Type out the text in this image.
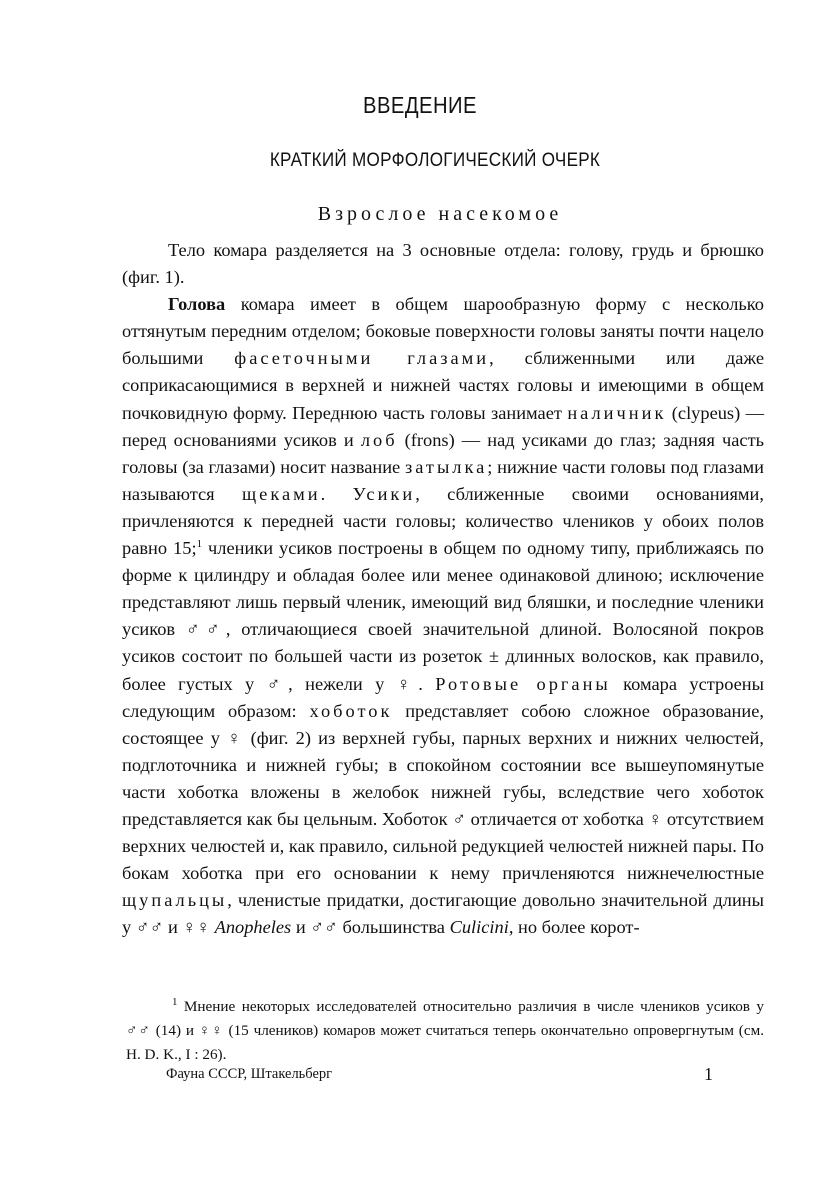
ВВЕДЕНИЕ
КРАТКИЙ МОРФОЛОГИЧЕСКИЙ ОЧЕРК
Взрослое насекомое

Тело комара разделяется на 3 основные отдела: голову, грудь и брюшко (фиг. 1).

Голова комара имеет в общем шарообразную форму с несколько оттянутым передним отделом; боковые поверхности головы заняты почти нацело большими фасеточными глазами, сближенными или даже соприкасающимися в верхней и нижней частях головы и имеющими в общем почковидную форму. Переднюю часть головы занимает наличник (clypeus) — перед основаниями усиков и лоб (frons) — над усиками до глаз; задняя часть головы (за глазами) носит название затылка; нижние части головы под глазами называются щеками. Усики, сближенные своими основаниями, причленяются к передней части головы; количество члеников у обоих полов равно 15;$^1$ членики усиков построены в общем по одному типу, приближаясь по форме к цилиндру и обладая более или менее одинаковой длиною; исключение представляют лишь первый членик, имеющий вид бляшки, и последние членики усиков ♂♂, отличающиеся своей значительной длиной. Волосяной покров усиков состоит по большей части из розеток ± длинных волосков, как правило, более густых у ♂, нежели у ♀. Ротовые органы комара устроены следующим образом: хоботок представляет собою сложное образование, состоящее у ♀ (фиг. 2) из верхней губы, парных верхних и нижних челюстей, подглоточника и нижней губы; в спокойном состоянии все вышеупомянутые части хоботка вложены в желобок нижней губы, вследствие чего хоботок представляется как бы цельным. Хоботок ♂ отличается от хоботка ♀ отсутствием верхних челюстей и, как правило, сильной редукцией челюстей нижней пары. По бокам хоботка при его основании к нему причленяются нижнечелюстные щупальцы, членистые придатки, достигающие довольно значительной длины у ♂♂ и ♀♀ Anopheles и ♂♂ большинства Culicini, но более корот-

$^1$ Мнение некоторых исследователей относительно различия в числе члеников усиков у ♂♂ (14) и ♀♀ (15 члеников) комаров может считаться теперь окончательно опровергнутым (см. H. D. K., I : 26).

Фауна СССР, Штакельберг	1
